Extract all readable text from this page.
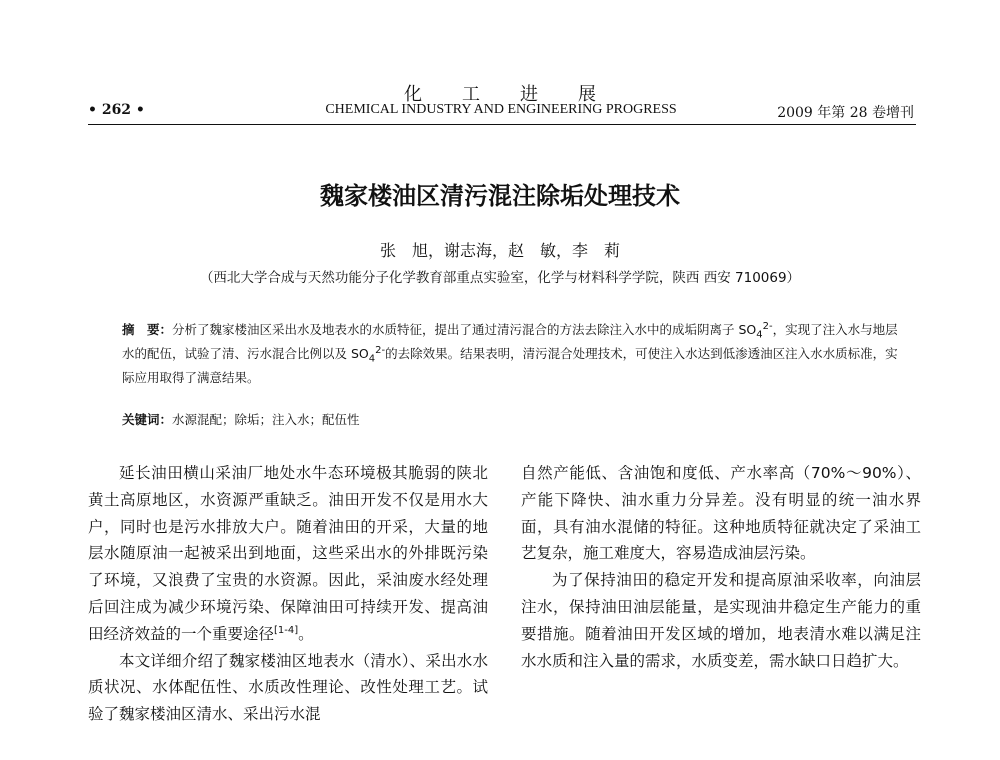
化工进展
CHEMICAL INDUSTRY AND ENGINEERING PROGRESS
• 262 •	2009 年第 28 卷增刊
魏家楼油区清污混注除垢处理技术
张　旭，谢志海，赵　敏，李　莉
（西北大学合成与天然功能分子化学教育部重点实验室，化学与材料科学学院，陕西 西安 710069）
摘　要：分析了魏家楼油区采出水及地表水的水质特征，提出了通过清污混合的方法去除注入水中的成垢阴离子 $SO_4^{2-}$，实现了注入水与地层水的配伍，试验了清、污水混合比例以及 $SO_4^{2-}$的去除效果。结果表明，清污混合处理技术，可使注入水达到低渗透油区注入水水质标准，实际应用取得了满意结果。
关键词：水源混配；除垢；注入水；配伍性

延长油田横山采油厂地处水牛态环境极其脆弱的陕北黄土高原地区，水资源严重缺乏。油田开发不仅是用水大户，同时也是污水排放大户。随着油田的开采，大量的地层水随原油一起被采出到地面，这些采出水的外排既污染了环境，又浪费了宝贵的水资源。因此，采油废水经处理后回注成为减少环境污染、保障油田可持续开发、提高油田经济效益的一个重要途径[1-4]。

本文详细介绍了魏家楼油区地表水（清水）、采出水水质状况、水体配伍性、水质改性理论、改性处理工艺。试验了魏家楼油区清水、采出污水混

自然产能低、含油饱和度低、产水率高（70%～90%）、产能下降快、油水重力分异差。没有明显的统一油水界面，具有油水混储的特征。这种地质特征就决定了采油工艺复杂，施工难度大，容易造成油层污染。

为了保持油田的稳定开发和提高原油采收率，向油层注水，保持油田油层能量，是实现油井稳定生产能力的重要措施。随着油田开发区域的增加，地表清水难以满足注水水质和注入量的需求，水质变差，需水缺口日趋扩大。
